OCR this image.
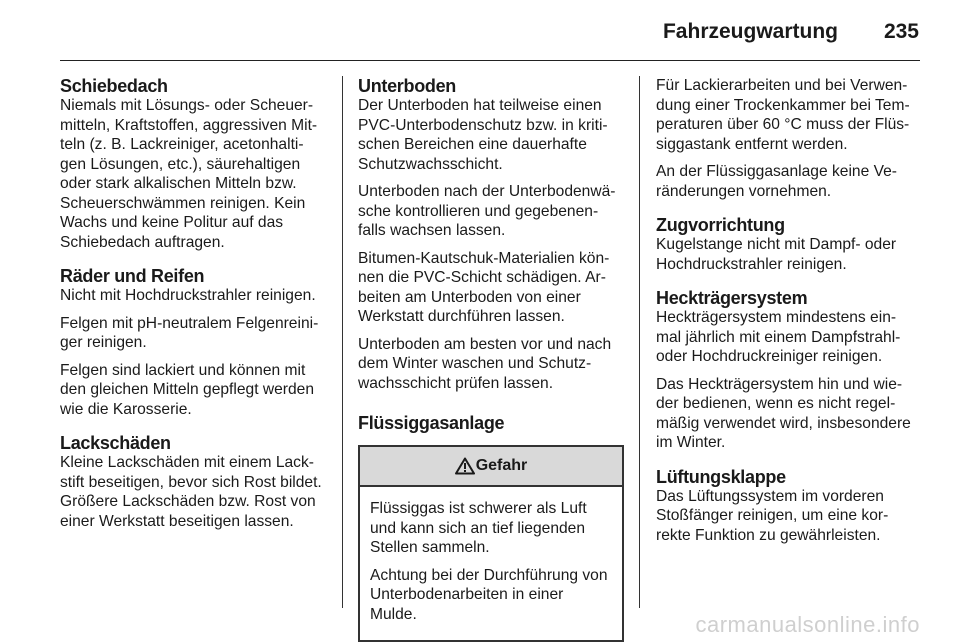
Fahrzeugwartung 235
Schiebedach

Niemals mit Lösungs- oder Scheuer-
mitteln, Kraftstoffen, aggressiven Mit-
teln (z. B. Lackreiniger, acetonhalti-
gen Lösungen, etc.), säurehaltigen
oder stark alkalischen Mitteln bzw.
Scheuerschwämmen reinigen. Kein
Wachs und keine Politur auf das
Schiebedach auftragen.

Räder und Reifen

Nicht mit Hochdruckstrahler reinigen.

Felgen mit pH-neutralem Felgenreini-
ger reinigen.

Felgen sind lackiert und können mit
den gleichen Mitteln gepflegt werden
wie die Karosserie.

Lackschäden

Kleine Lackschäden mit einem Lack-
stift beseitigen, bevor sich Rost bildet.
Größere Lackschäden bzw. Rost von
einer Werkstatt beseitigen lassen.

Unterboden

Der Unterboden hat teilweise einen
PVC-Unterbodenschutz bzw. in kriti-
schen Bereichen eine dauerhafte
Schutzwachsschicht.

Unterboden nach der Unterbodenwä-
sche kontrollieren und gegebenen-
falls wachsen lassen.

Bitumen-Kautschuk-Materialien kön-
nen die PVC-Schicht schädigen. Ar-
beiten am Unterboden von einer
Werkstatt durchführen lassen.

Unterboden am besten vor und nach
dem Winter waschen und Schutz-
wachsschicht prüfen lassen.

Flüssiggasanlage
Gefahr

Flüssiggas ist schwerer als Luft
und kann sich an tief liegenden
Stellen sammeln.

Achtung bei der Durchführung von
Unterbodenarbeiten in einer
Mulde.

Für Lackierarbeiten und bei Verwen-
dung einer Trockenkammer bei Tem-
peraturen über 60 °C muss der Flüs-
siggastank entfernt werden.

An der Flüssiggasanlage keine Ve-
ränderungen vornehmen.

Zugvorrichtung

Kugelstange nicht mit Dampf- oder
Hochdruckstrahler reinigen.

Heckträgersystem

Heckträgersystem mindestens ein-
mal jährlich mit einem Dampfstrahl-
oder Hochdruckreiniger reinigen.

Das Heckträgersystem hin und wie-
der bedienen, wenn es nicht regel-
mäßig verwendet wird, insbesondere
im Winter.

Lüftungsklappe

Das Lüftungssystem im vorderen
Stoßfänger reinigen, um eine kor-
rekte Funktion zu gewährleisten.

carmanualsonline.info
